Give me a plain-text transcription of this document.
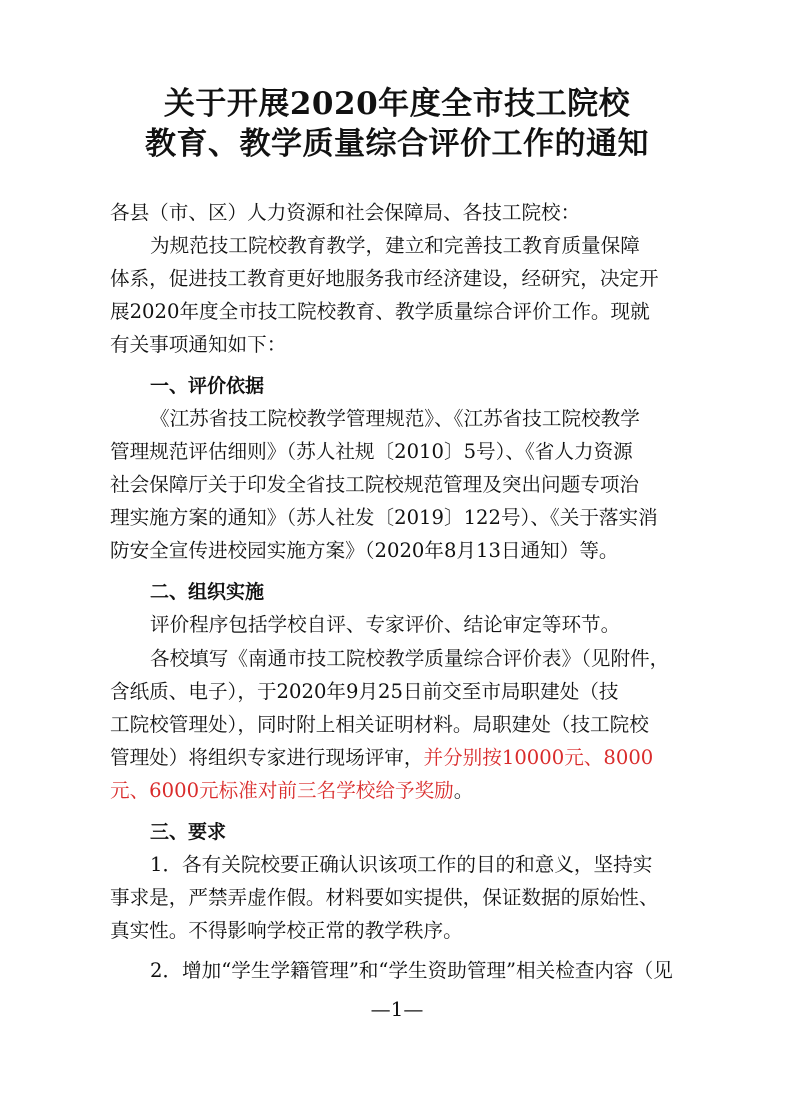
关于开展2020年度全市技工院校
教育、教学质量综合评价工作的通知
各县（市、区）人力资源和社会保障局、各技工院校：
为规范技工院校教育教学，建立和完善技工教育质量保障
体系，促进技工教育更好地服务我市经济建设，经研究，决定开
展2020年度全市技工院校教育、教学质量综合评价工作。现就
有关事项通知如下：
一、评价依据
《江苏省技工院校教学管理规范》、《江苏省技工院校教学
管理规范评估细则》（苏人社规〔2010〕5号）、《省人力资源
社会保障厅关于印发全省技工院校规范管理及突出问题专项治
理实施方案的通知》（苏人社发〔2019〕122号）、《关于落实消
防安全宣传进校园实施方案》（2020年8月13日通知）等。
二、组织实施
评价程序包括学校自评、专家评价、结论审定等环节。
各校填写《南通市技工院校教学质量综合评价表》（见附件，
含纸质、电子），于2020年9月25日前交至市局职建处（技
工院校管理处），同时附上相关证明材料。局职建处（技工院校
管理处）将组织专家进行现场评审，并分别按10000元、8000
元、6000元标准对前三名学校给予奖励。
三、要求
1．各有关院校要正确认识该项工作的目的和意义，坚持实
事求是，严禁弄虚作假。材料要如实提供，保证数据的原始性、
真实性。不得影响学校正常的教学秩序。
2．增加“学生学籍管理”和“学生资助管理”相关检查内容（见
—1—
